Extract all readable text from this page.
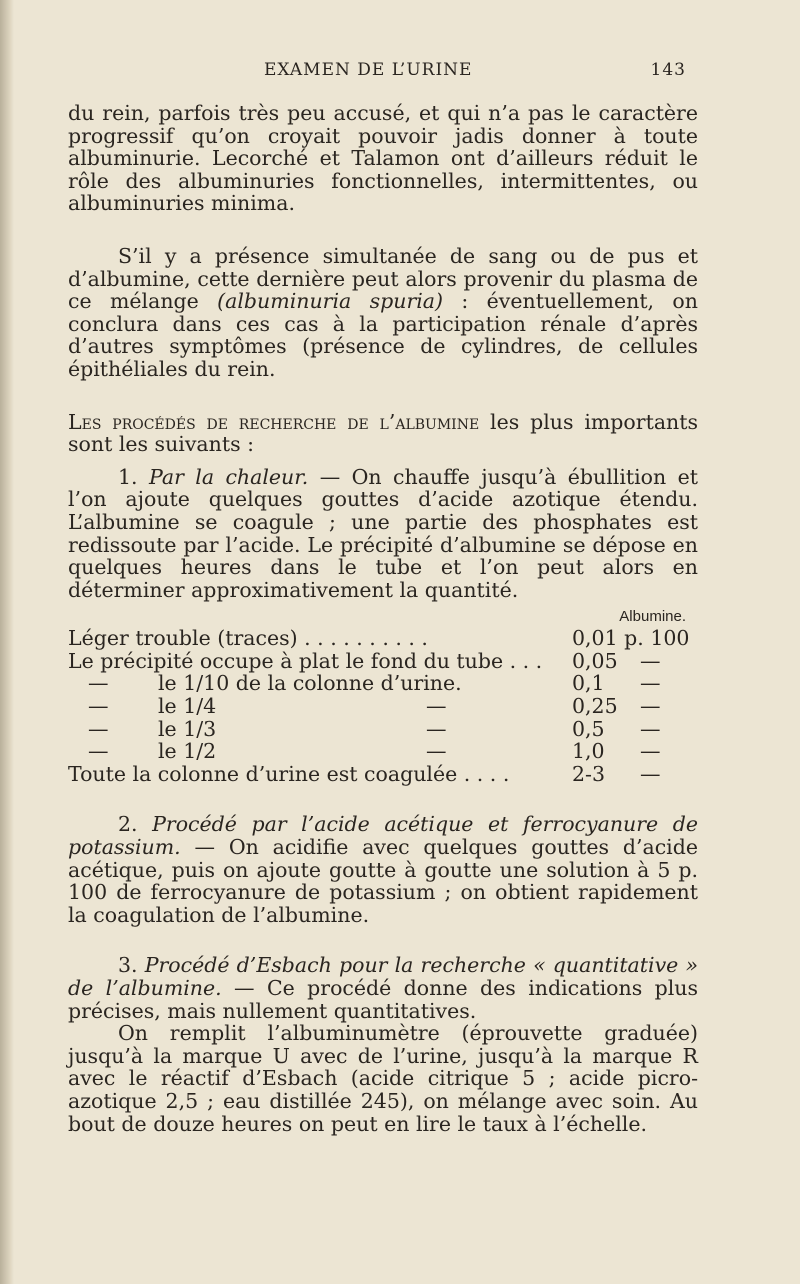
EXAMEN DE L’URINE	143

du rein, parfois très peu accusé, et qui n’a pas le caractère progressif qu’on croyait pouvoir jadis donner à toute albuminurie. Lecorché et Talamon ont d’ailleurs réduit le rôle des albuminuries fonctionnelles, intermittentes, ou albuminuries minima.

S’il y a présence simultanée de sang ou de pus et d’albumine, cette dernière peut alors provenir du plasma de ce mélange (albuminuria spuria) : éventuellement, on conclura dans ces cas à la participation rénale d’après d’autres symptômes (présence de cylindres, de cellules épithéliales du rein.

Les procédés de recherche de l’albumine les plus importants sont les suivants :

1. Par la chaleur. — On chauffe jusqu’à ébullition et l’on ajoute quelques gouttes d’acide azotique étendu. L’albumine se coagule ; une partie des phosphates est redissoute par l’acide. Le précipité d’albumine se dépose en quelques heures dans le tube et l’on peut alors en déterminer approximativement la quantité.

Albumine.
Léger trouble (traces) . . . . . . . . . .	0,01 p. 100
Le précipité occupe à plat le fond du tube . . . 0,05 —
—	le 1/10 de la colonne d’urine.	0,1 —
—	le 1/4	—	0,25 —
—	le 1/3	—	0,5 —
—	le 1/2	—	1,0 —
Toute la colonne d’urine est coagulée . . . .	2-3 —

2. Procédé par l’acide acétique et ferrocyanure de potassium. — On acidifie avec quelques gouttes d’acide acétique, puis on ajoute goutte à goutte une solution à 5 p. 100 de ferrocyanure de potassium ; on obtient rapidement la coagulation de l’albumine.

3. Procédé d’Esbach pour la recherche « quantitative » de l’albumine. — Ce procédé donne des indications plus précises, mais nullement quantitatives.

On remplit l’albuminumètre (éprouvette graduée) jusqu’à la marque U avec de l’urine, jusqu’à la marque R avec le réactif d’Esbach (acide citrique 5 ; acide picro-azotique 2,5 ; eau distillée 245), on mélange avec soin. Au bout de douze heures on peut en lire le taux à l’échelle.
